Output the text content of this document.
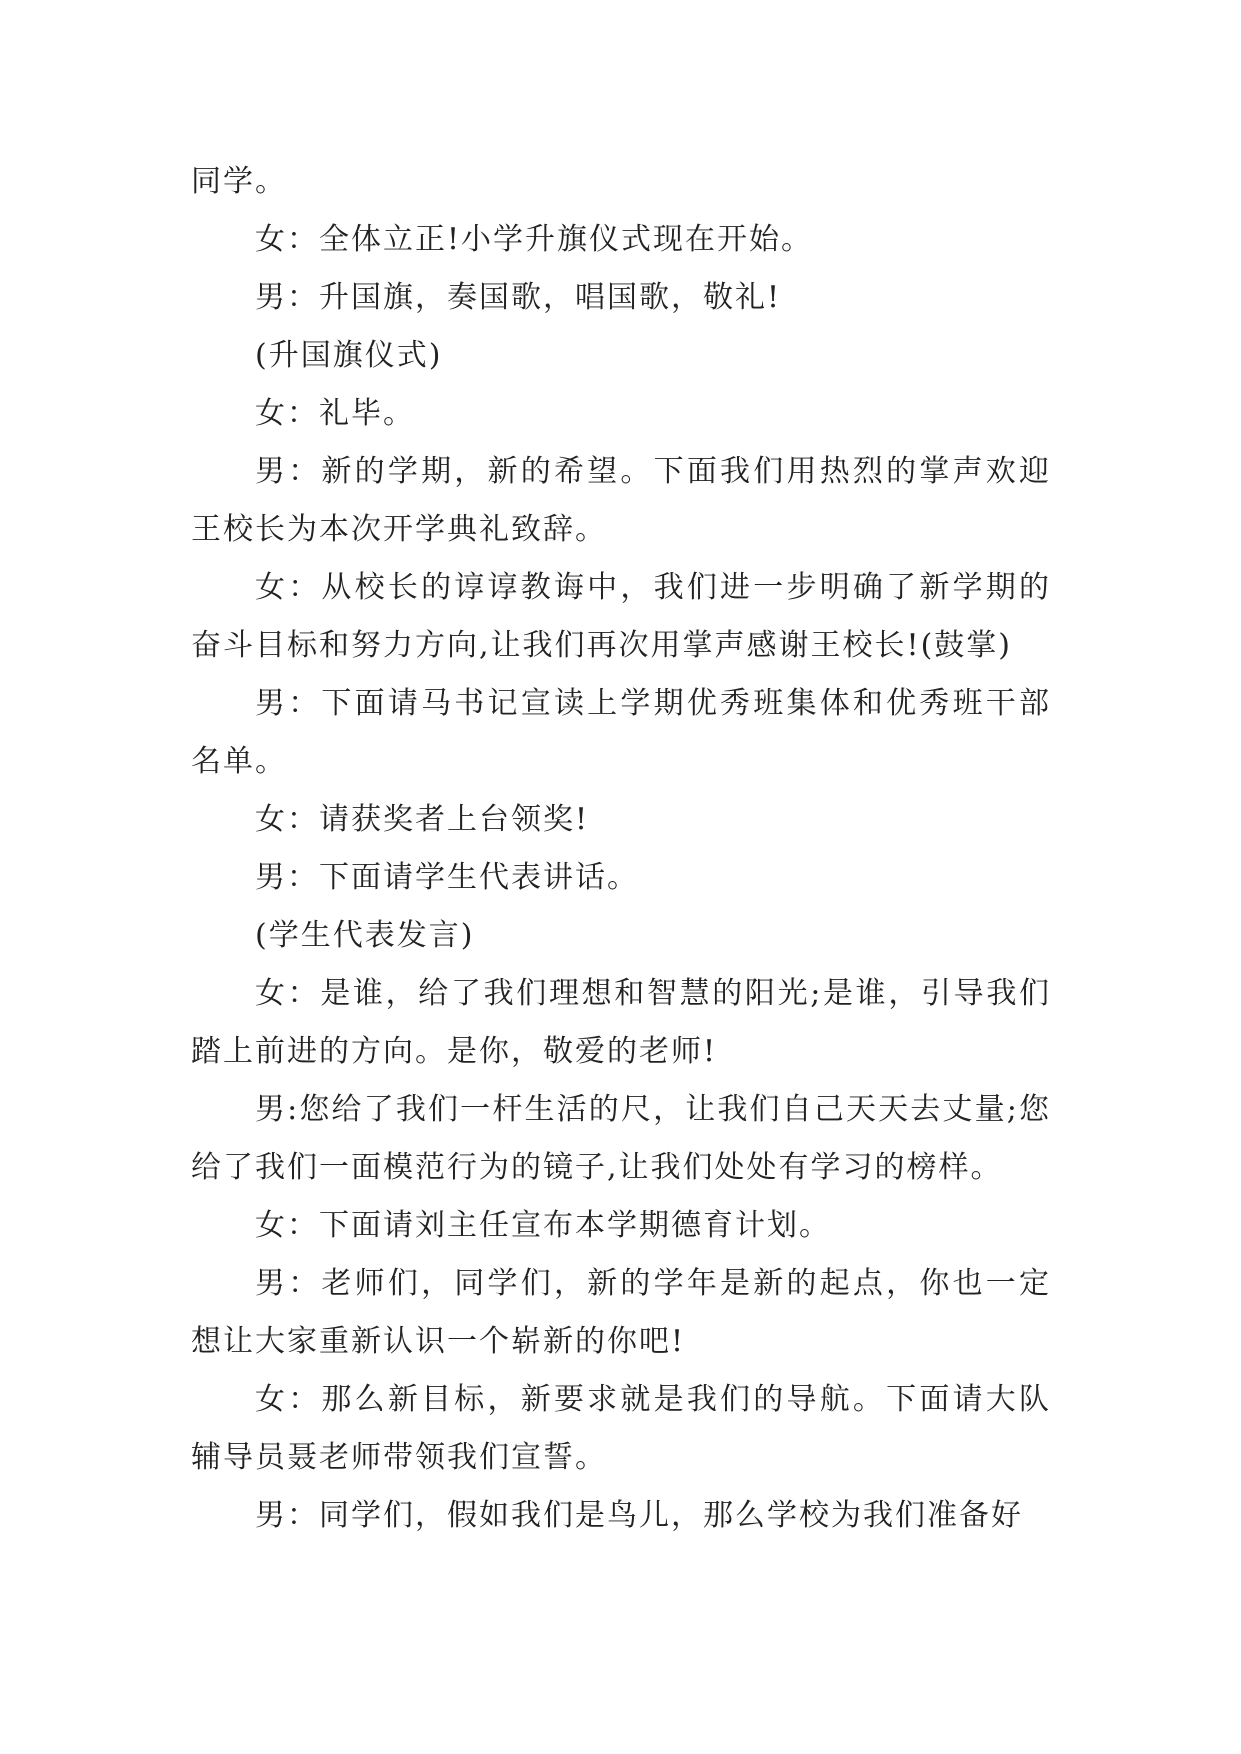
同学。

女：全体立正!小学升旗仪式现在开始。

男：升国旗，奏国歌，唱国歌，敬礼!

(升国旗仪式)

女：礼毕。

男：新的学期，新的希望。下面我们用热烈的掌声欢迎王校长为本次开学典礼致辞。

女：从校长的谆谆教诲中，我们进一步明确了新学期的奋斗目标和努力方向,让我们再次用掌声感谢王校长!(鼓掌)

男：下面请马书记宣读上学期优秀班集体和优秀班干部名单。

女：请获奖者上台领奖!

男：下面请学生代表讲话。

(学生代表发言)

女：是谁，给了我们理想和智慧的阳光;是谁，引导我们踏上前进的方向。是你，敬爱的老师!

男:您给了我们一杆生活的尺，让我们自己天天去丈量;您给了我们一面模范行为的镜子,让我们处处有学习的榜样。

女：下面请刘主任宣布本学期德育计划。

男：老师们，同学们，新的学年是新的起点，你也一定想让大家重新认识一个崭新的你吧!

女：那么新目标，新要求就是我们的导航。下面请大队辅导员聂老师带领我们宣誓。

男：同学们，假如我们是鸟儿，那么学校为我们准备好
